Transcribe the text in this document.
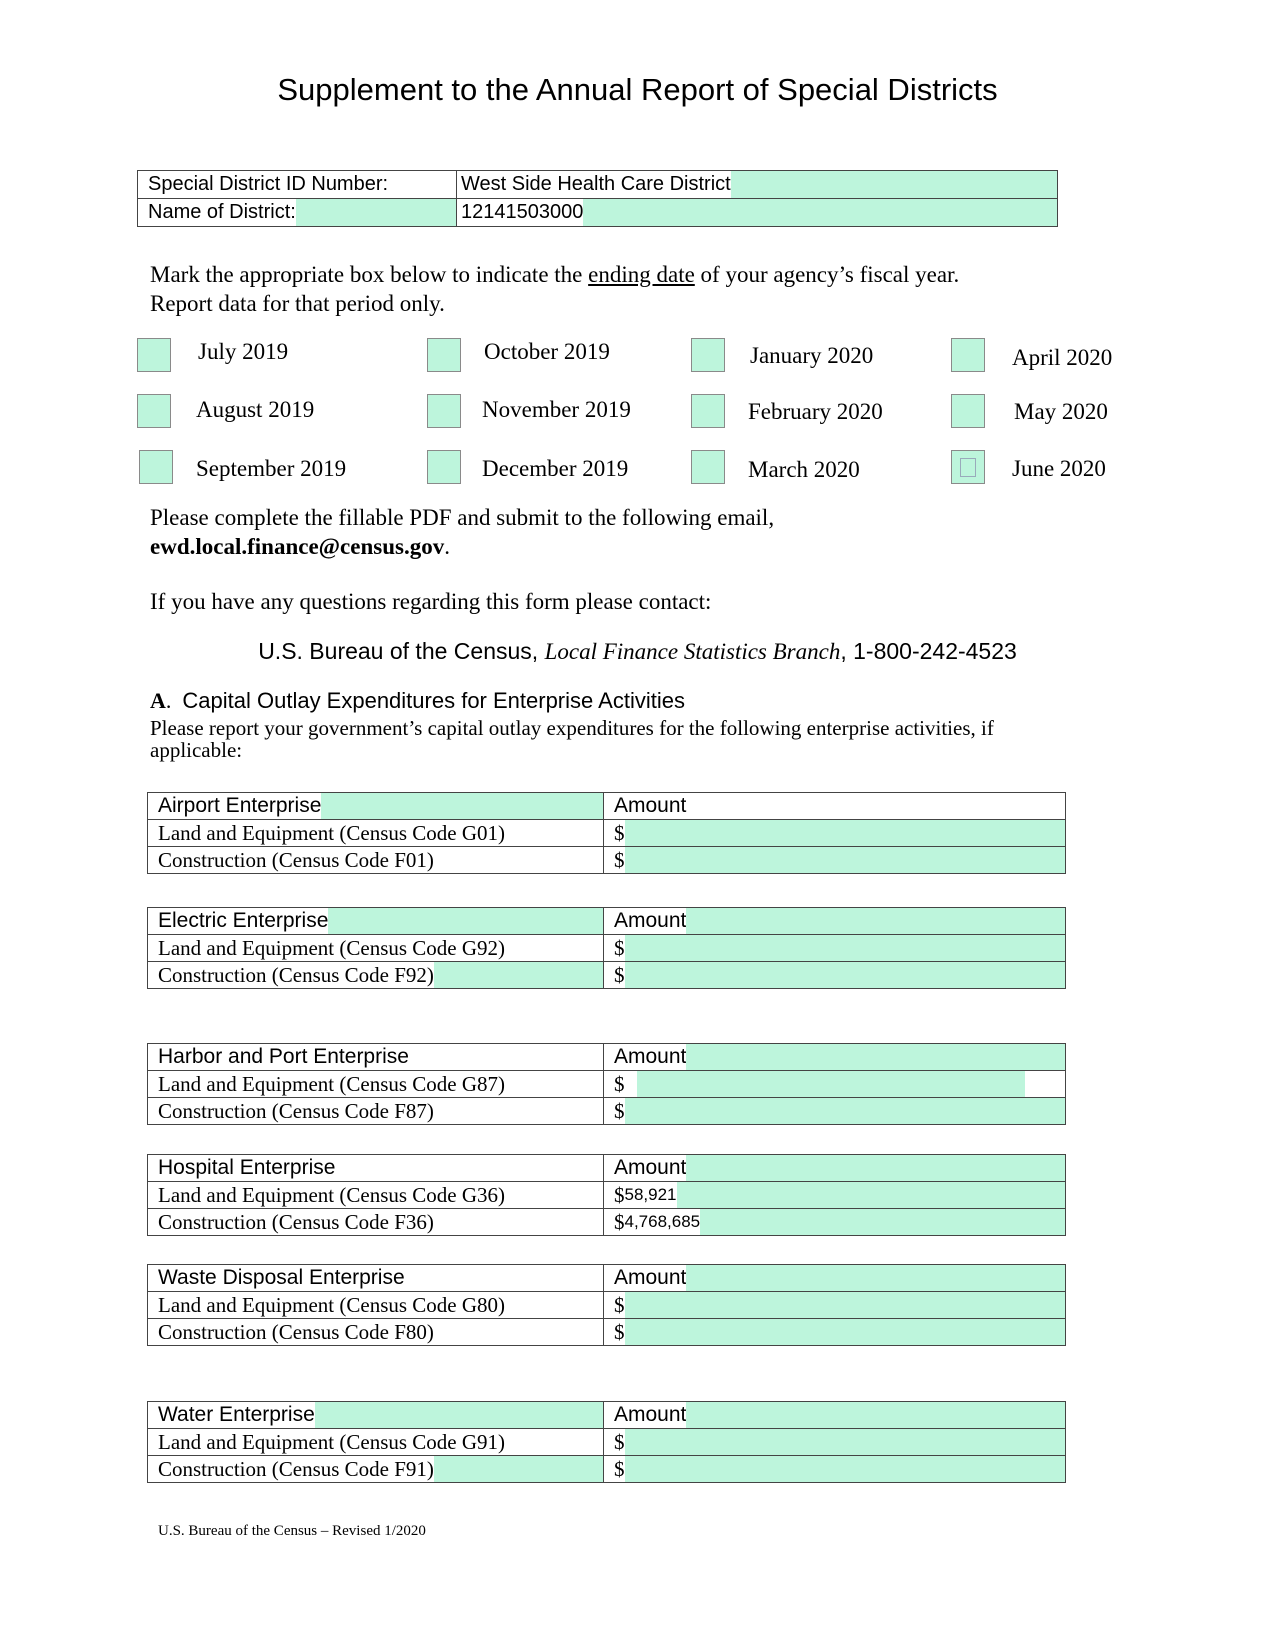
Supplement to the Annual Report of Special Districts
Special District ID Number:	West Side Health Care District

Name of District:	12141503000
Mark the appropriate box below to indicate the ending date of your agency’s fiscal year.
Report data for that period only.
July 2019
August 2019
September 2019
October 2019
November 2019
December 2019
January 2020
February 2020
March 2020
April 2020
May 2020
June 2020
Please complete the fillable PDF and submit to the following email,
ewd.local.finance@census.gov.
If you have any questions regarding this form please contact:
U.S. Bureau of the Census, Local Finance Statistics Branch, 1-800-242-4523
A. Capital Outlay Expenditures for Enterprise Activities
Please report your government’s capital outlay expenditures for the following enterprise activities, if applicable:
Airport Enterprise	Amount

Land and Equipment (Census Code G01)	$

Construction (Census Code F01)	$
Electric Enterprise	Amount

Land and Equipment (Census Code G92)	$

Construction (Census Code F92)	$
Harbor and Port Enterprise	Amount

Land and Equipment (Census Code G87)	$

Construction (Census Code F87)	$
Hospital Enterprise	Amount

Land and Equipment (Census Code G36)	$ 58,921

Construction (Census Code F36)	$ 4,768,685
Waste Disposal Enterprise	Amount

Land and Equipment (Census Code G80)	$

Construction (Census Code F80)	$
Water Enterprise	Amount

Land and Equipment (Census Code G91)	$

Construction (Census Code F91)	$
U.S. Bureau of the Census – Revised 1/2020
